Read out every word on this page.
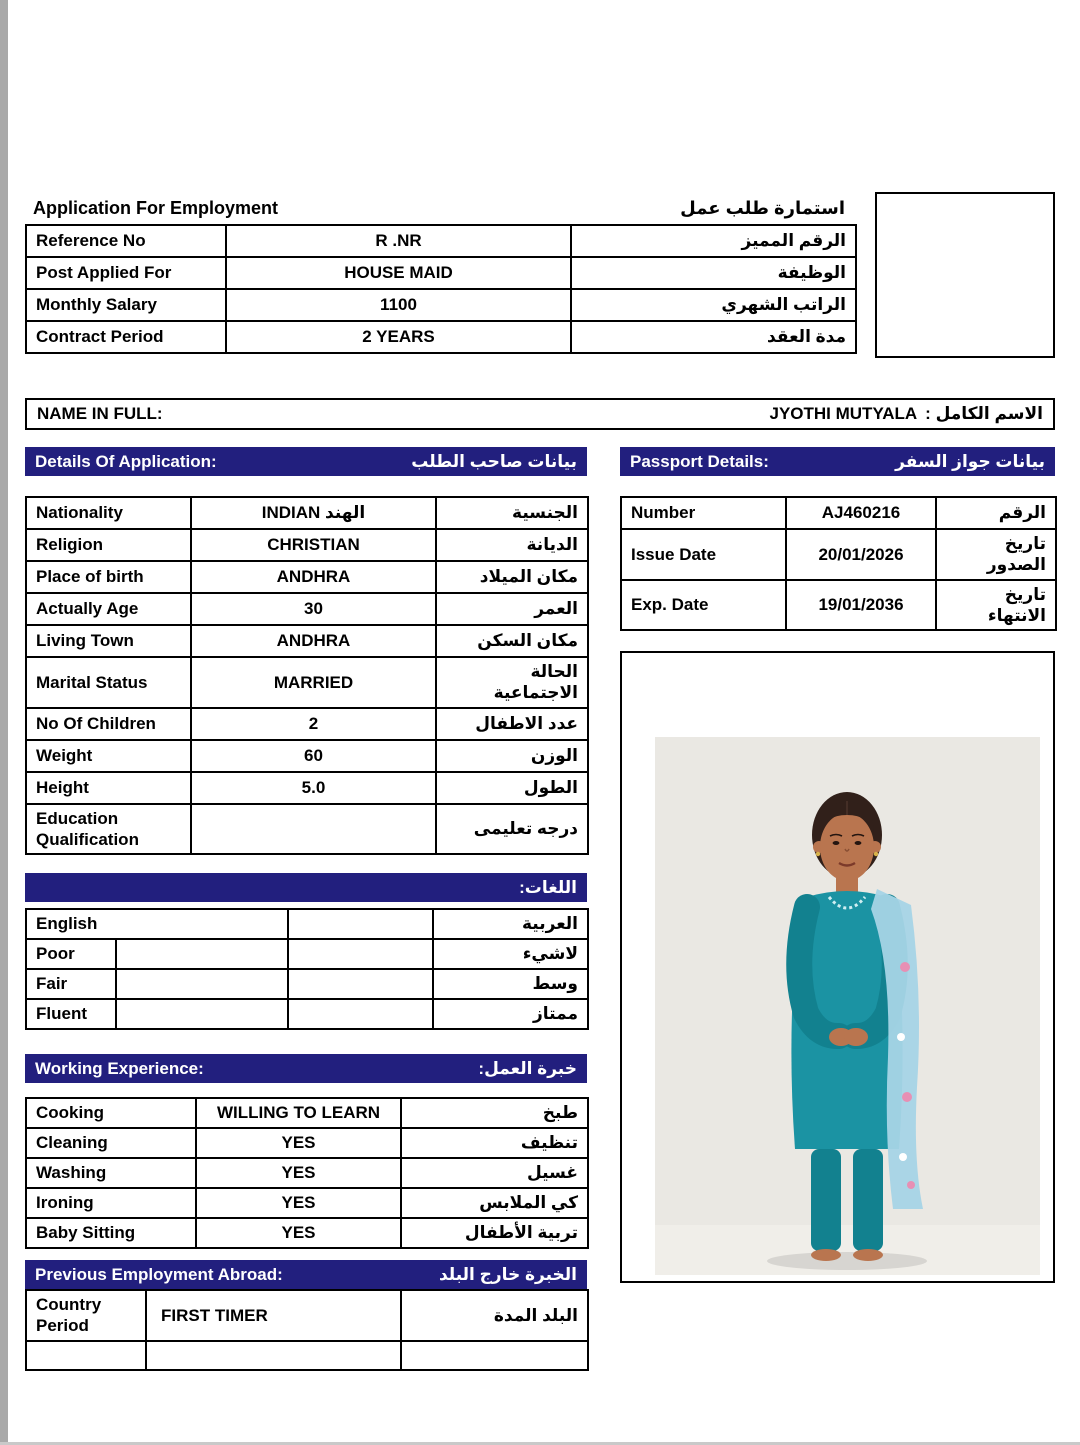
Application For Employment	استمارة طلب عمل
Reference No	R .NR	الرقم المميز
Post Applied For	HOUSE MAID	الوظيفة
Monthly Salary	1100	الراتب الشهري
Contract Period	2 YEARS	مدة العقد
NAME IN FULL:	JYOTHI MUTYALA : الاسم الكامل
Details Of Application:	بيانات صاحب الطلب
Nationality	INDIAN الهند	الجنسية
Religion	CHRISTIAN	الديانة
Place of birth	ANDHRA	مكان الميلاد
Actually Age	30	العمر
Living Town	ANDHRA	مكان السكن
Marital Status	MARRIED	الحالة الاجتماعية
No Of Children	2	عدد الاطفال
Weight	60	الوزن
Height	5.0	الطول
Education Qualification		درجه تعليمى
اللغات:
English			العربية
Poor			لاشيء
Fair			وسط
Fluent			ممتاز
Working Experience:	خبرة العمل:
Cooking	WILLING TO LEARN	طبخ
Cleaning	YES	تنظيف
Washing	YES	غسيل
Ironing	YES	كي الملابس
Baby Sitting	YES	تربية الأطفال
Previous Employment Abroad:	الخبرة خارج البلد
Country Period	FIRST TIMER	البلد المدة

Passport Details:	بيانات جواز السفر
Number	AJ460216	الرقم
Issue Date	20/01/2026	تاريخ الصدور
Exp. Date	19/01/2036	تاريخ الانتهاء
